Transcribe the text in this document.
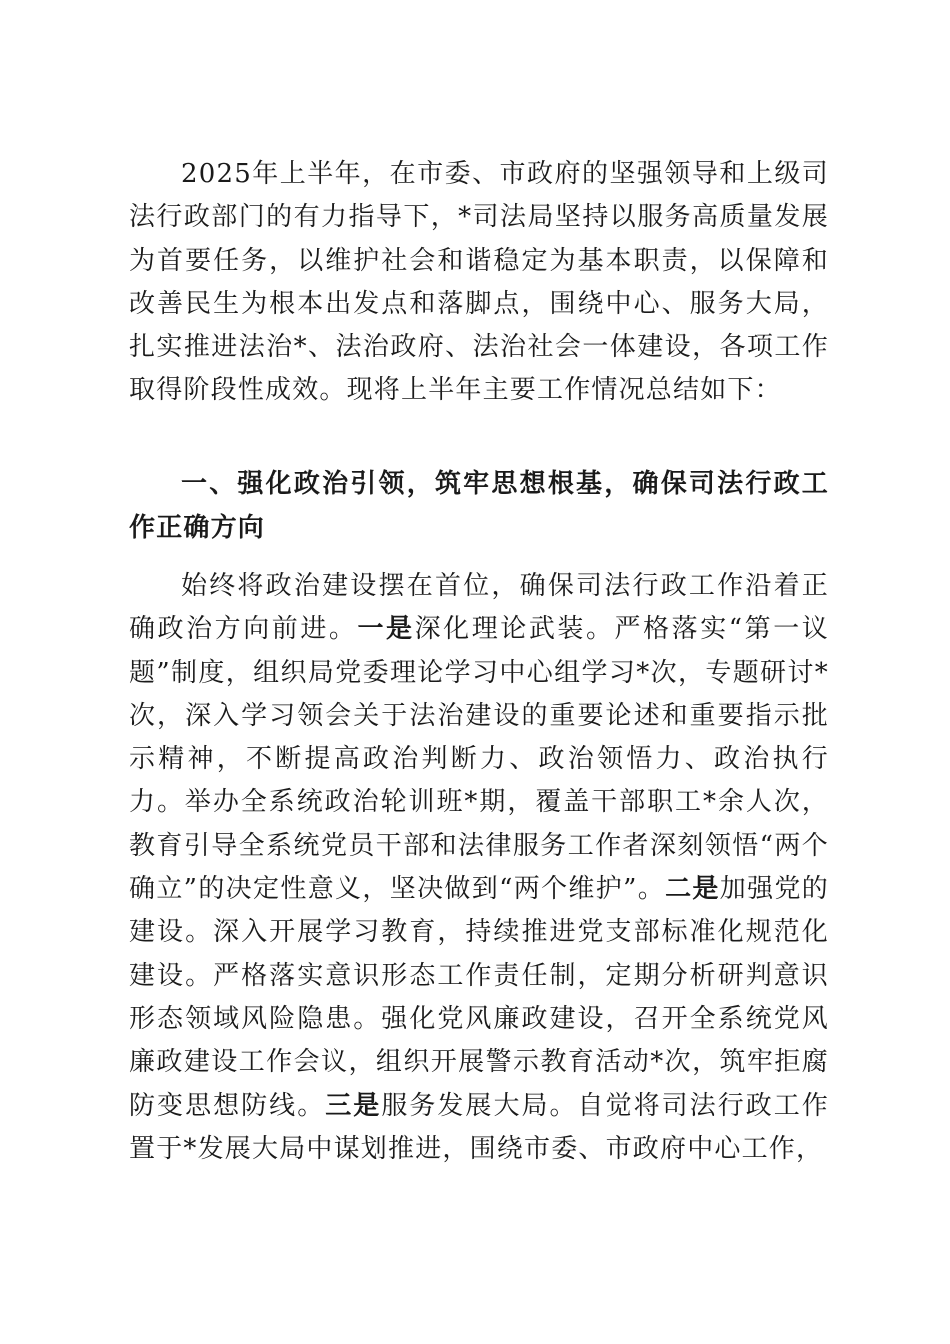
2025年上半年，在市委、市政府的坚强领导和上级司法行政部门的有力指导下，*司法局坚持以服务高质量发展为首要任务，以维护社会和谐稳定为基本职责，以保障和改善民生为根本出发点和落脚点，围绕中心、服务大局，扎实推进法治*、法治政府、法治社会一体建设，各项工作取得阶段性成效。现将上半年主要工作情况总结如下：

一、强化政治引领，筑牢思想根基，确保司法行政工作正确方向

始终将政治建设摆在首位，确保司法行政工作沿着正确政治方向前进。一是深化理论武装。严格落实“第一议题”制度，组织局党委理论学习中心组学习*次，专题研讨*次，深入学习领会关于法治建设的重要论述和重要指示批示精神，不断提高政治判断力、政治领悟力、政治执行力。举办全系统政治轮训班*期，覆盖干部职工*余人次，教育引导全系统党员干部和法律服务工作者深刻领悟“两个确立”的决定性意义，坚决做到“两个维护”。二是加强党的建设。深入开展学习教育，持续推进党支部标准化规范化建设。严格落实意识形态工作责任制，定期分析研判意识形态领域风险隐患。强化党风廉政建设，召开全系统党风廉政建设工作会议，组织开展警示教育活动*次，筑牢拒腐防变思想防线。三是服务发展大局。自觉将司法行政工作置于*发展大局中谋划推进，围绕市委、市政府中心工作，
